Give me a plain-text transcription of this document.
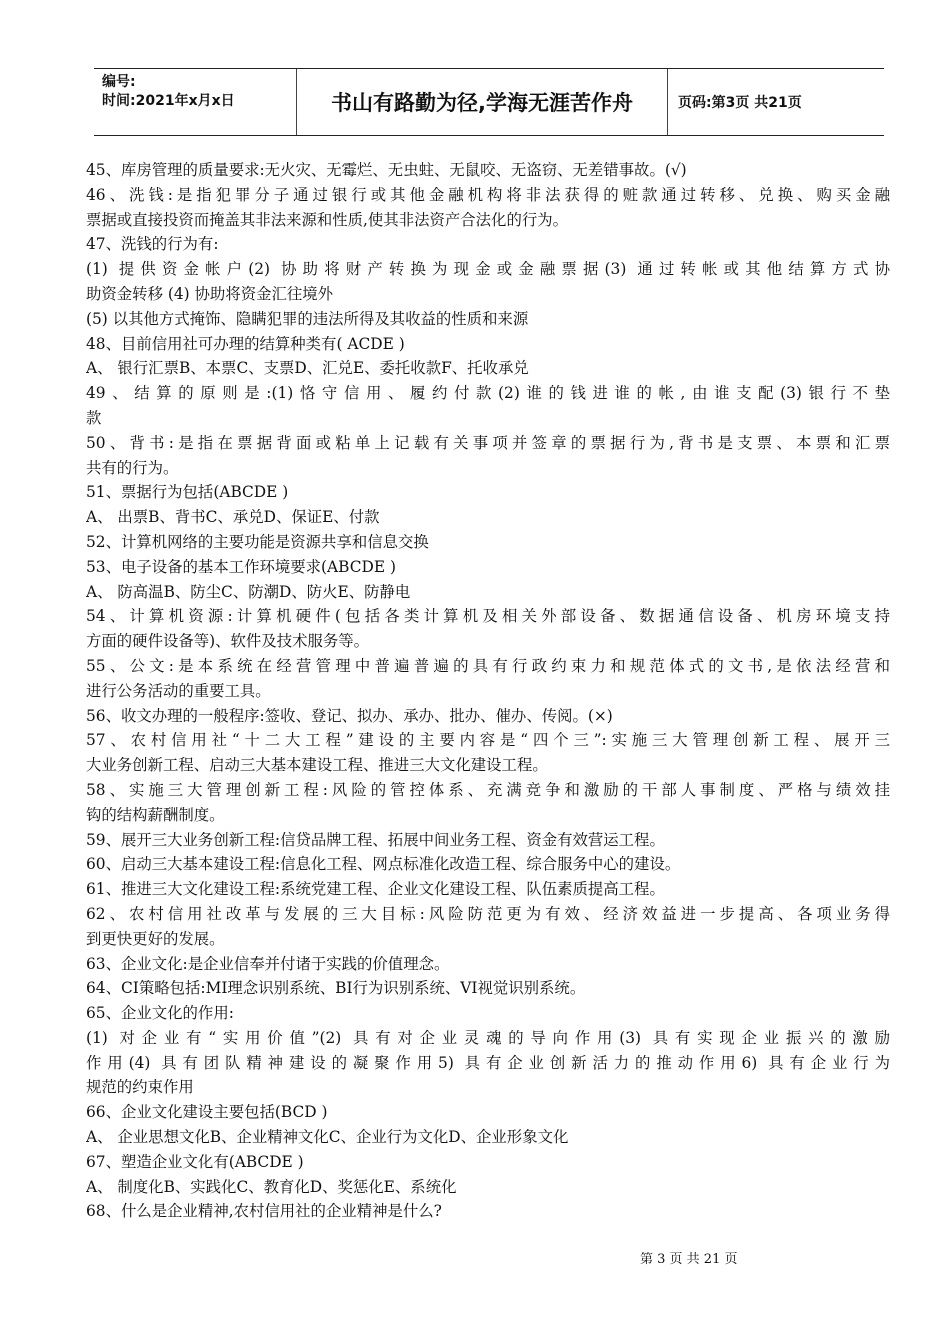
编号:
时间:2021年x月x日	书山有路勤为径,学海无涯苦作舟	页码:第3页 共21页
45、库房管理的质量要求:无火灾、无霉烂、无虫蛀、无鼠咬、无盗窃、无差错事故。(√)
46、洗钱:是指犯罪分子通过银行或其他金融机构将非法获得的赃款通过转移、兑换、购买金融
票据或直接投资而掩盖其非法来源和性质,使其非法资产合法化的行为。
47、洗钱的行为有:
(1) 提供资金帐户(2) 协助将财产转换为现金或金融票据(3) 通过转帐或其他结算方式协
助资金转移 (4) 协助将资金汇往境外
(5) 以其他方式掩饰、隐瞒犯罪的违法所得及其收益的性质和来源
48、目前信用社可办理的结算种类有( ACDE )
A、 银行汇票B、本票C、支票D、汇兑E、委托收款F、托收承兑
49、结算的原则是:(1)恪守信用、履约付款(2)谁的钱进谁的帐,由谁支配(3)银行不垫
款
50、背书:是指在票据背面或粘单上记载有关事项并签章的票据行为,背书是支票、本票和汇票
共有的行为。
51、票据行为包括(ABCDE )
A、 出票B、背书C、承兑D、保证E、付款
52、计算机网络的主要功能是资源共享和信息交换
53、电子设备的基本工作环境要求(ABCDE )
A、 防高温B、防尘C、防潮D、防火E、防静电
54、计算机资源:计算机硬件(包括各类计算机及相关外部设备、数据通信设备、机房环境支持
方面的硬件设备等)、软件及技术服务等。
55、公文:是本系统在经营管理中普遍普遍的具有行政约束力和规范体式的文书,是依法经营和
进行公务活动的重要工具。
56、收文办理的一般程序:签收、登记、拟办、承办、批办、催办、传阅。(×)
57、农村信用社“十二大工程”建设的主要内容是“四个三”:实施三大管理创新工程、展开三
大业务创新工程、启动三大基本建设工程、推进三大文化建设工程。
58、实施三大管理创新工程:风险的管控体系、充满竞争和激励的干部人事制度、严格与绩效挂
钩的结构薪酬制度。
59、展开三大业务创新工程:信贷品牌工程、拓展中间业务工程、资金有效营运工程。
60、启动三大基本建设工程:信息化工程、网点标准化改造工程、综合服务中心的建设。
61、推进三大文化建设工程:系统党建工程、企业文化建设工程、队伍素质提高工程。
62、农村信用社改革与发展的三大目标:风险防范更为有效、经济效益进一步提高、各项业务得
到更快更好的发展。
63、企业文化:是企业信奉并付诸于实践的价值理念。
64、CI策略包括:MI理念识别系统、BI行为识别系统、VI视觉识别系统。
65、企业文化的作用:
(1) 对企业有“实用价值”(2) 具有对企业灵魂的导向作用(3) 具有实现企业振兴的激励
作用(4) 具有团队精神建设的凝聚作用5) 具有企业创新活力的推动作用6) 具有企业行为
规范的约束作用
66、企业文化建设主要包括(BCD )
A、 企业思想文化B、企业精神文化C、企业行为文化D、企业形象文化
67、塑造企业文化有(ABCDE )
A、 制度化B、实践化C、教育化D、奖惩化E、系统化
68、什么是企业精神,农村信用社的企业精神是什么?
第 3 页 共 21 页
